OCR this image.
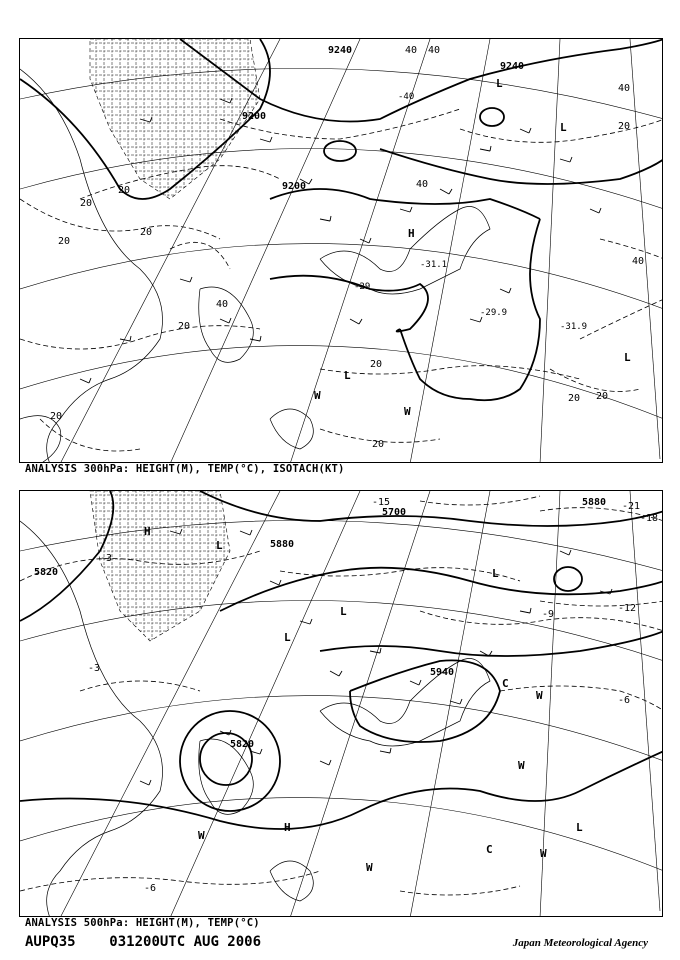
9240
9200
9200
9240
20
20
20
20
20
20
20
20
20 20
20
40 40
40
40
40
40
-40
-29
-31.1
-29.9
-31.9
H
L
L
L
W
W
L
ANALYSIS 300hPa: HEIGHT(M), TEMP(°C), ISOTACH(KT)
5820
5820
5880
5700
5940
5880
-3
-3
-6
-6
-9
-12
-15
-18
-21
H
H
L
L
L
L
C
C
W
W
W
W
W
L
ANALYSIS 500hPa: HEIGHT(M), TEMP(°C)
AUPQ35 031200UTC AUG 2006	Japan Meteorological Agency
